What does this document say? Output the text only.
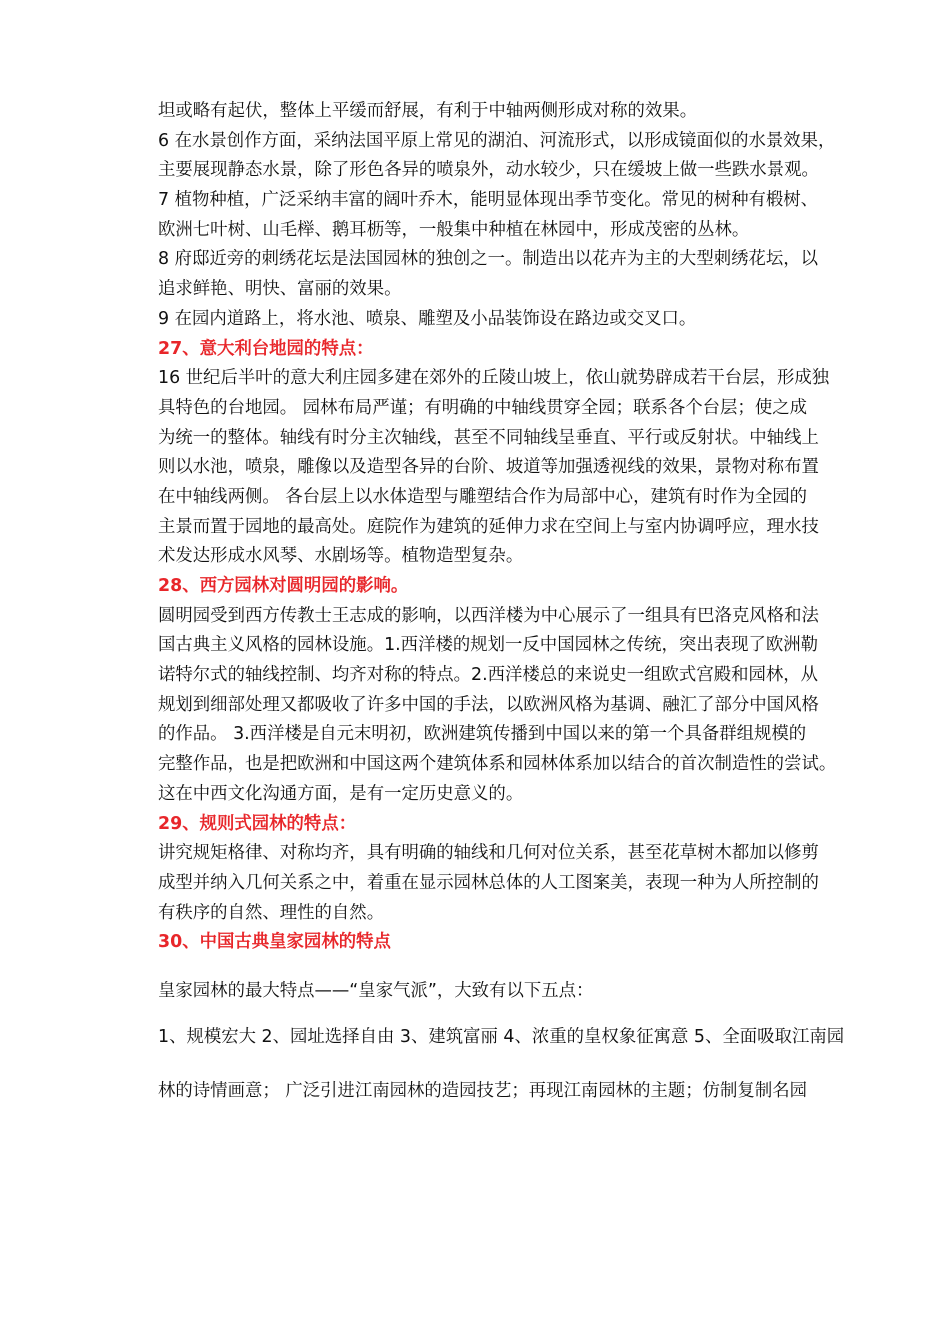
坦或略有起伏，整体上平缓而舒展，有利于中轴两侧形成对称的效果。
6 在水景创作方面，采纳法国平原上常见的湖泊、河流形式，以形成镜面似的水景效果，
主要展现静态水景，除了形色各异的喷泉外，动水较少，只在缓坡上做一些跌水景观。
7 植物种植，广泛采纳丰富的阔叶乔木，能明显体现出季节变化。常见的树种有椴树、
欧洲七叶树、山毛榉、鹅耳枥等，一般集中种植在林园中，形成茂密的丛林。
8 府邸近旁的刺绣花坛是法国园林的独创之一。制造出以花卉为主的大型刺绣花坛，以
追求鲜艳、明快、富丽的效果。
9 在园内道路上，将水池、喷泉、雕塑及小品装饰设在路边或交叉口。
27、意大利台地园的特点：
16 世纪后半叶的意大利庄园多建在郊外的丘陵山坡上，依山就势辟成若干台层，形成独
具特色的台地园。 园林布局严谨；有明确的中轴线贯穿全园；联系各个台层；使之成
为统一的整体。轴线有时分主次轴线，甚至不同轴线呈垂直、平行或反射状。中轴线上
则以水池，喷泉，雕像以及造型各异的台阶、坡道等加强透视线的效果，景物对称布置
在中轴线两侧。 各台层上以水体造型与雕塑结合作为局部中心，建筑有时作为全园的
主景而置于园地的最高处。庭院作为建筑的延伸力求在空间上与室内协调呼应，理水技
术发达形成水风琴、水剧场等。植物造型复杂。
28、西方园林对圆明园的影响。
圆明园受到西方传教士王志成的影响，以西洋楼为中心展示了一组具有巴洛克风格和法
国古典主义风格的园林设施。1.西洋楼的规划一反中国园林之传统，突出表现了欧洲勒
诺特尔式的轴线控制、均齐对称的特点。2.西洋楼总的来说史一组欧式宫殿和园林，从
规划到细部处理又都吸收了许多中国的手法，以欧洲风格为基调、融汇了部分中国风格
的作品。 3.西洋楼是自元末明初，欧洲建筑传播到中国以来的第一个具备群组规模的
完整作品，也是把欧洲和中国这两个建筑体系和园林体系加以结合的首次制造性的尝试。
这在中西文化沟通方面，是有一定历史意义的。
29、规则式园林的特点：
讲究规矩格律、对称均齐，具有明确的轴线和几何对位关系，甚至花草树木都加以修剪
成型并纳入几何关系之中，着重在显示园林总体的人工图案美，表现一种为人所控制的
有秩序的自然、理性的自然。
30、中国古典皇家园林的特点
皇家园林的最大特点——“皇家气派”，大致有以下五点：
1、规模宏大 2、园址选择自由 3、建筑富丽 4、浓重的皇权象征寓意 5、全面吸取江南园
林的诗情画意； 广泛引进江南园林的造园技艺；再现江南园林的主题；仿制复制名园
